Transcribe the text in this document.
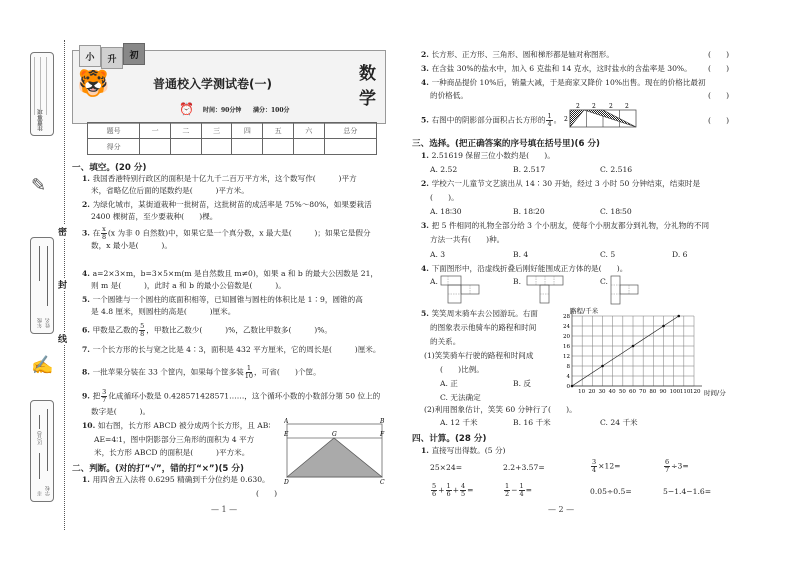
注意事项
✎
年级 姓名
✍
市
区(县)
学校
密
封
线
小	升	初
🐯	普通校入学测试卷(一)	数
学
⏰ 时间：90分钟 满分：100分
题号	一	二	三	四	五	六	总分
得分							
一、填空。(20 分)
1. 我国香港特别行政区的面积是十亿九千二百万平方米，这个数写作(　　　)平方
米，省略亿位后面的尾数约是(　　　)平方米。
2. 为绿化城市，某街道栽种一批树苗，这批树苗的成活率是 75%～80%，如果要栽活
2400 棵树苗，至少要栽种(　　)棵。
3. 在 $\frac{x}{8} (x$ 为非 0 自然数)中，如果它是一个真分数，x 最大是(　　　)；如果它是假分
数，x 最小是(　　　)。
4. a=2×3×m，b=3×5×m(m 是自然数且 m≠0)，如果 a 和 b 的最大公因数是 21，
则 m 是(　　　)，此时 a 和 b 的最小公倍数是(　　　)。
5. 一个圆锥与一个圆柱的底面积相等，已知圆锥与圆柱的体积比是 1∶9，圆锥的高
是 4.8 厘米，则圆柱的高是(　　　)厘米。
6. 甲数是乙数的 $\frac{5}{8}$ ，甲数比乙数少(　　　)%，乙数比甲数多(　　　)%。
7. 一个长方形的长与宽之比是 4∶3，面积是 432 平方厘米，它的周长是(　　　)厘米。
8. 一批苹果分装在 33 个筐内，如果每个筐多装 $\frac{1}{10}$ ，可省(　　)个筐。
9. 把 $\frac{3}{7}$ 化成循环小数是 0.428571428571……，这个循环小数的小数部分第 50 位上的
数字是(　　　)。
10. 如右图，长方形 ABCD 被分成两个长方形，且 AB∶
AE=4∶1，图中阴影部分三角形的面积为 4 平方
米，长方形 ABCD 的面积是(　　　)平方米。
A	B
E	G	F
D	C
二、判断。(对的打“√”，错的打“×”)(5 分)
1. 用四舍五入法将 0.6295 精确到千分位约是 0.630。
(　　)
— 1 —
2. 长方形、正方形、三角形、圆和梯形都是轴对称图形。	(　　)
3. 在含盐 30%的盐水中，加入 6 克盐和 14 克水，这时盐水的含盐率是 30%。 (　　)
4. 一种商品提价 10%后，销量大减，于是商家又降价 10%出售。现在的价格比最初
的价格低。	(　　)
5. 右图中的阴影部分面积占长方形的 $\frac{1}{4}$ 。	(　　)
2 2 2 2
2
三、选择。(把正确答案的序号填在括号里)(6 分)
1. 2.51619 保留三位小数约是(　　)。
A. 2.52	B. 2.517	C. 2.516
2. 学校六一儿童节文艺演出从 14∶30 开始，经过 3 小时 50 分钟结束，结束时是
(　　)。
A. 18∶30	B. 18∶20	C. 18∶50
3. 把 5 件相同的礼物全部分给 3 个小朋友，使每个小朋友都分到礼物，分礼物的不同
方法一共有(　　)种。
A. 3	B. 4	C. 5	D. 6
4. 下面图形中，沿虚线折叠后刚好能围成正方体的是(　　)。
A.	B.	C.
5. 笑笑周末骑车去公园游玩。右面
的图象表示他骑车的路程和时间
的关系。
(1)笑笑骑车行驶的路程和时间成
(　　)比例。
A. 正	B. 反
C. 无法确定
(2)利用图象估计，笑笑 60 分钟行了(　　)。
A. 12 千米	B. 16 千米	C. 24 千米
10 20 30 40 50 60 70 80 90 100 110 120
0
4
8
12
16
20
24
28
路程/千米
时间/分
四、计算。(28 分)
1. 直接写出得数。(5 分)
25×24=	2.2+3.57=	$\frac{3}{4} \times 12=$	$\frac{6}{7} \div 3=$
$\frac{5}{6} + \frac{1}{6} + \frac{4}{5}$ =	$\frac{1}{2} - \frac{1}{4}$ =	0.05÷0.5=	5−1.4−1.6=
— 2 —
